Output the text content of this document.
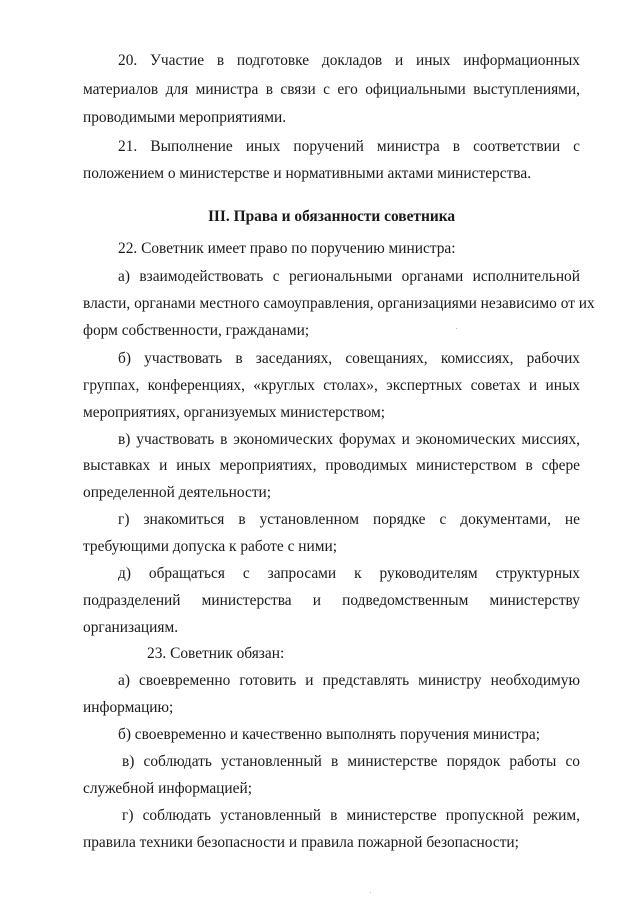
20. Участие в подготовке докладов и иных информационных
материалов для министра в связи с его официальными выступлениями,
проводимыми мероприятиями.
21. Выполнение иных поручений министра в соответствии с
положением о министерстве и нормативными актами министерства.
III. Права и обязанности советника
22. Советник имеет право по поручению министра:
а) взаимодействовать с региональными органами исполнительной
власти, органами местного самоуправления, организациями независимо от их
форм собственности, гражданами;
б) участвовать в заседаниях, совещаниях, комиссиях, рабочих
группах, конференциях, «круглых столах», экспертных советах и иных
мероприятиях, организуемых министерством;
в) участвовать в экономических форумах и экономических миссиях,
выставках и иных мероприятиях, проводимых министерством в сфере
определенной деятельности;
г) знакомиться в установленном порядке с документами, не
требующими допуска к работе с ними;
д) обращаться с запросами к руководителям структурных
подразделений министерства и подведомственным министерству
организациям.
23. Советник обязан:
а) своевременно готовить и представлять министру необходимую
информацию;
б) своевременно и качественно выполнять поручения министра;
в) соблюдать установленный в министерстве порядок работы со
служебной информацией;
г) соблюдать установленный в министерстве пропускной режим,
правила техники безопасности и правила пожарной безопасности;
